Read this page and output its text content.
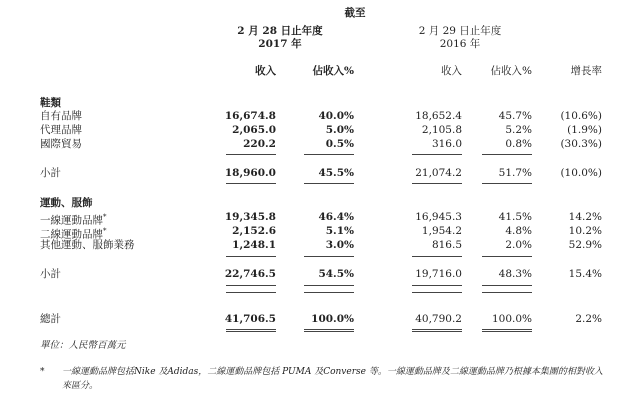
截至
2 月 28 日止年度
2017 年
2 月 29 日止年度
2016 年
收入	佔收入%	收入	佔收入%	增長率
鞋類
自有品牌	16,674.8	40.0%	18,652.4	45.7%	(10.6%)
代理品牌	2,065.0	5.0%	2,105.8	5.2%	(1.9%)
國際貿易	220.2	0.5%	316.0	0.8%	(30.3%)
小計	18,960.0	45.5%	21,074.2	51.7%	(10.0%)
運動、服飾
一線運動品牌*	19,345.8	46.4%	16,945.3	41.5%	14.2%
二線運動品牌*	2,152.6	5.1%	1,954.2	4.8%	10.2%
其他運動、服飾業務	1,248.1	3.0%	816.5	2.0%	52.9%
小計	22,746.5	54.5%	19,716.0	48.3%	15.4%
總計	41,706.5	100.0%	40,790.2	100.0%	2.2%
單位：人民幣百萬元
* 一線運動品牌包括Nike 及Adidas，二線運動品牌包括 PUMA 及Converse 等。一線運動品牌及二線運動品牌乃根據本集團的相對收入
來區分。
